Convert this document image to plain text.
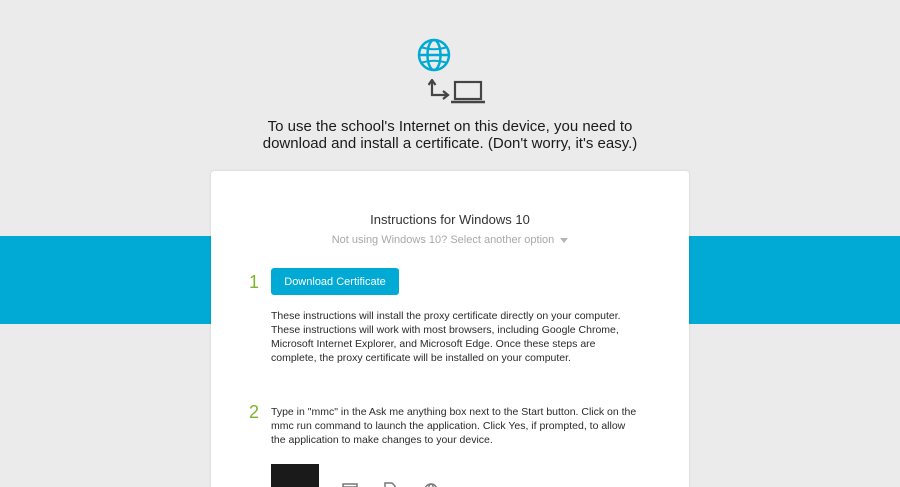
To use the school's Internet on this device, you need to
download and install a certificate. (Don't worry, it's easy.)
Instructions for Windows 10
Not using Windows 10? Select another option
1	Download Certificate
These instructions will install the proxy certificate directly on your computer.
These instructions will work with most browsers, including Google Chrome,
Microsoft Internet Explorer, and Microsoft Edge. Once these steps are
complete, the proxy certificate will be installed on your computer.
2 Type in "mmc" in the Ask me anything box next to the Start button. Click on the
mmc run command to launch the application. Click Yes, if prompted, to allow
the application to make changes to your device.
